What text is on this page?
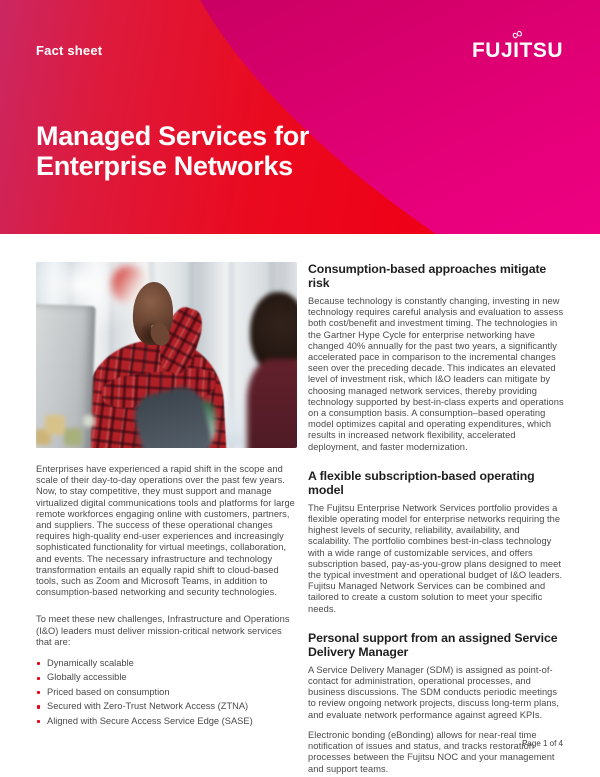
Fact sheet
∞
FUJITSU
Managed Services for
Enterprise Networks

Enterprises have experienced a rapid shift in the scope and scale of their day-to-day operations over the past few years. Now, to stay competitive, they must support and manage virtualized digital communications tools and platforms for large remote workforces engaging online with customers, partners, and suppliers. The success of these operational changes requires high-quality end-user experiences and increasingly sophisticated functionality for virtual meetings, collaboration, and events. The necessary infrastructure and technology transformation entails an equally rapid shift to cloud-based tools, such as Zoom and Microsoft Teams, in addition to consumption-based networking and security technologies.

To meet these new challenges, Infrastructure and Operations (I&O) leaders must deliver mission-critical network services that are:

Dynamically scalable
Globally accessible
Priced based on consumption
Secured with Zero-Trust Network Access (ZTNA)
Aligned with Secure Access Service Edge (SASE)
Consumption-based approaches mitigate risk

Because technology is constantly changing, investing in new technology requires careful analysis and evaluation to assess both cost/benefit and investment timing. The technologies in the Gartner Hype Cycle for enterprise networking have changed 40% annually for the past two years, a significantly accelerated pace in comparison to the incremental changes seen over the preceding decade. This indicates an elevated level of investment risk, which I&O leaders can mitigate by choosing managed network services, thereby providing technology supported by best-in-class experts and operations on a consumption basis. A consumption–based operating model optimizes capital and operating expenditures, which results in increased network flexibility, accelerated deployment, and faster modernization.

A flexible subscription-based operating model

The Fujitsu Enterprise Network Services portfolio provides a flexible operating model for enterprise networks requiring the highest levels of security, reliability, availability, and scalability. The portfolio combines best-in-class technology with a wide range of customizable services, and offers subscription based, pay-as-you-grow plans designed to meet the typical investment and operational budget of I&O leaders. Fujitsu Managed Network Services can be combined and tailored to create a custom solution to meet your specific needs.

Personal support from an assigned Service Delivery Manager

A Service Delivery Manager (SDM) is assigned as point-of-contact for administration, operational processes, and business discussions. The SDM conducts periodic meetings to review ongoing network projects, discuss long-term plans, and evaluate network performance against agreed KPIs.

Electronic bonding (eBonding) allows for near-real time notification of issues and status, and tracks restoration processes between the Fujitsu NOC and your management and support teams.

Page 1 of 4
